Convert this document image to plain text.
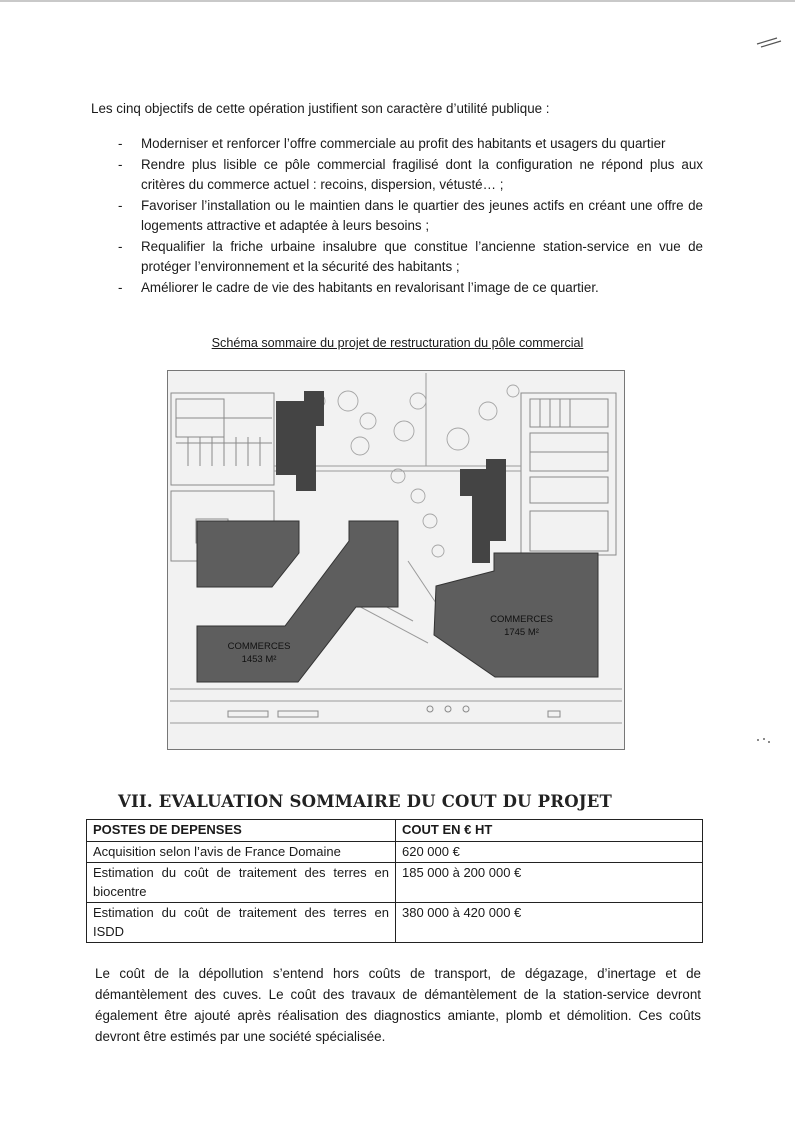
Les cinq objectifs de cette opération justifient son caractère d’utilité publique :
- Moderniser et renforcer l’offre commerciale au profit des habitants et usagers du quartier
- Rendre plus lisible ce pôle commercial fragilisé dont la configuration ne répond plus aux critères du commerce actuel : recoins, dispersion, vétusté… ;
- Favoriser l’installation ou le maintien dans le quartier des jeunes actifs en créant une offre de logements attractive et adaptée à leurs besoins ;
- Requalifier la friche urbaine insalubre que constitue l’ancienne station-service en vue de protéger l’environnement et la sécurité des habitants ;
- Améliorer le cadre de vie des habitants en revalorisant l’image de ce quartier.
Schéma sommaire du projet de restructuration du pôle commercial
COMMERCES
1453 M²
COMMERCES
1745 M²
VII. EVALUATION SOMMAIRE DU COUT DU PROJET
POSTES DE DEPENSES	COUT EN € HT
Acquisition selon l’avis de France Domaine	620 000 €
Estimation du coût de traitement des terres en biocentre	185 000 à 200 000 €
Estimation du coût de traitement des terres en ISDD	380 000 à 420 000 €

Le coût de la dépollution s’entend hors coûts de transport, de dégazage, d’inertage et de démantèlement des cuves. Le coût des travaux de démantèlement de la station-service devront également être ajouté après réalisation des diagnostics amiante, plomb et démolition. Ces coûts devront être estimés par une société spécialisée.
